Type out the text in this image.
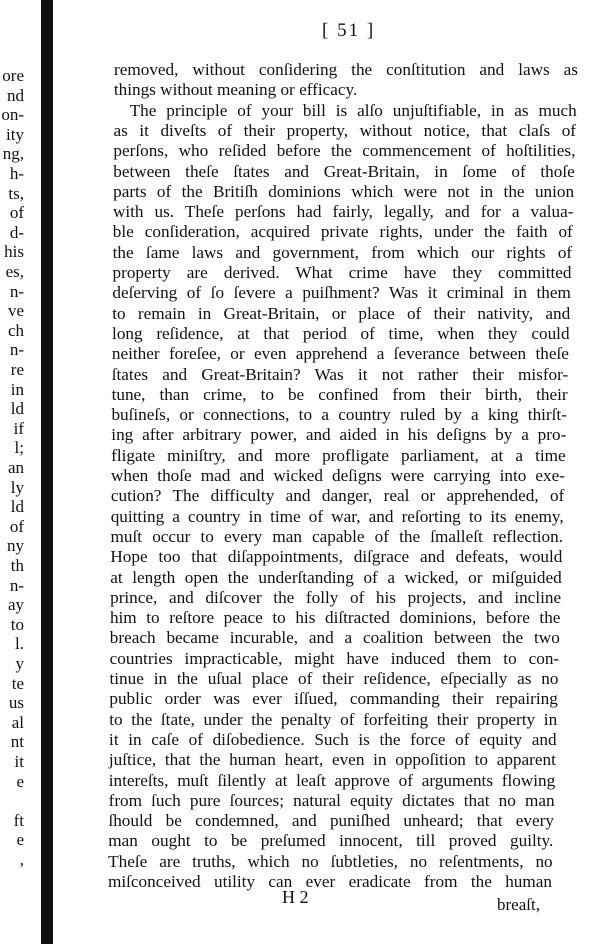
[ 51 ]
removed, without conſidering the conſtitution and laws as
things without meaning or efficacy.
The principle of your bill is alſo unjuſtifiable, in as much
as it diveſts of their property, without notice, that claſs of
perſons, who reſided before the commencement of hoſtilities,
between theſe ſtates and Great-Britain, in ſome of thoſe
parts of the Britiſh dominions which were not in the union
with us. Theſe perſons had fairly, legally, and for a valua-
ble conſideration, acquired private rights, under the faith of
the ſame laws and government, from which our rights of
property are derived. What crime have they committed
deſerving of ſo ſevere a puiſhment? Was it criminal in them
to remain in Great-Britain, or place of their nativity, and
long reſidence, at that period of time, when they could
neither foreſee, or even apprehend a ſeverance between theſe
ſtates and Great-Britain? Was it not rather their misfor-
tune, than crime, to be confined from their birth, their
buſineſs, or connections, to a country ruled by a king thirſt-
ing after arbitrary power, and aided in his deſigns by a pro-
fligate miniſtry, and more profligate parliament, at a time
when thoſe mad and wicked deſigns were carrying into exe-
cution? The difficulty and danger, real or apprehended, of
quitting a country in time of war, and reſorting to its enemy,
muſt occur to every man capable of the ſmalleſt reflection.
Hope too that diſappointments, diſgrace and defeats, would
at length open the underſtanding of a wicked, or miſguided
prince, and diſcover the folly of his projects, and incline
him to reſtore peace to his diſtracted dominions, before the
breach became incurable, and a coalition between the two
countries impracticable, might have induced them to con-
tinue in the uſual place of their reſidence, eſpecially as no
public order was ever iſſued, commanding their repairing
to the ſtate, under the penalty of forfeiting their property in
it in caſe of diſobedience. Such is the force of equity and
juſtice, that the human heart, even in oppoſition to apparent
intereſts, muſt ſilently at leaſt approve of arguments flowing
from ſuch pure ſources; natural equity dictates that no man
ſhould be condemned, and puniſhed unheard; that every
man ought to be preſumed innocent, till proved guilty.
Theſe are truths, which no ſubtleties, no reſentments, no
miſconceived utility can ever eradicate from the human
ore
nd
on-
ity
ng,
h-
ts,
of
d-
his
es,
n-
ve
ch
n-
re
in
ld
if
l;
an
ly
ld
of
ny
th
n-
ay
to
l.
y
te
us
al
nt
it
e
ft
e
,
H 2	breaſt,
